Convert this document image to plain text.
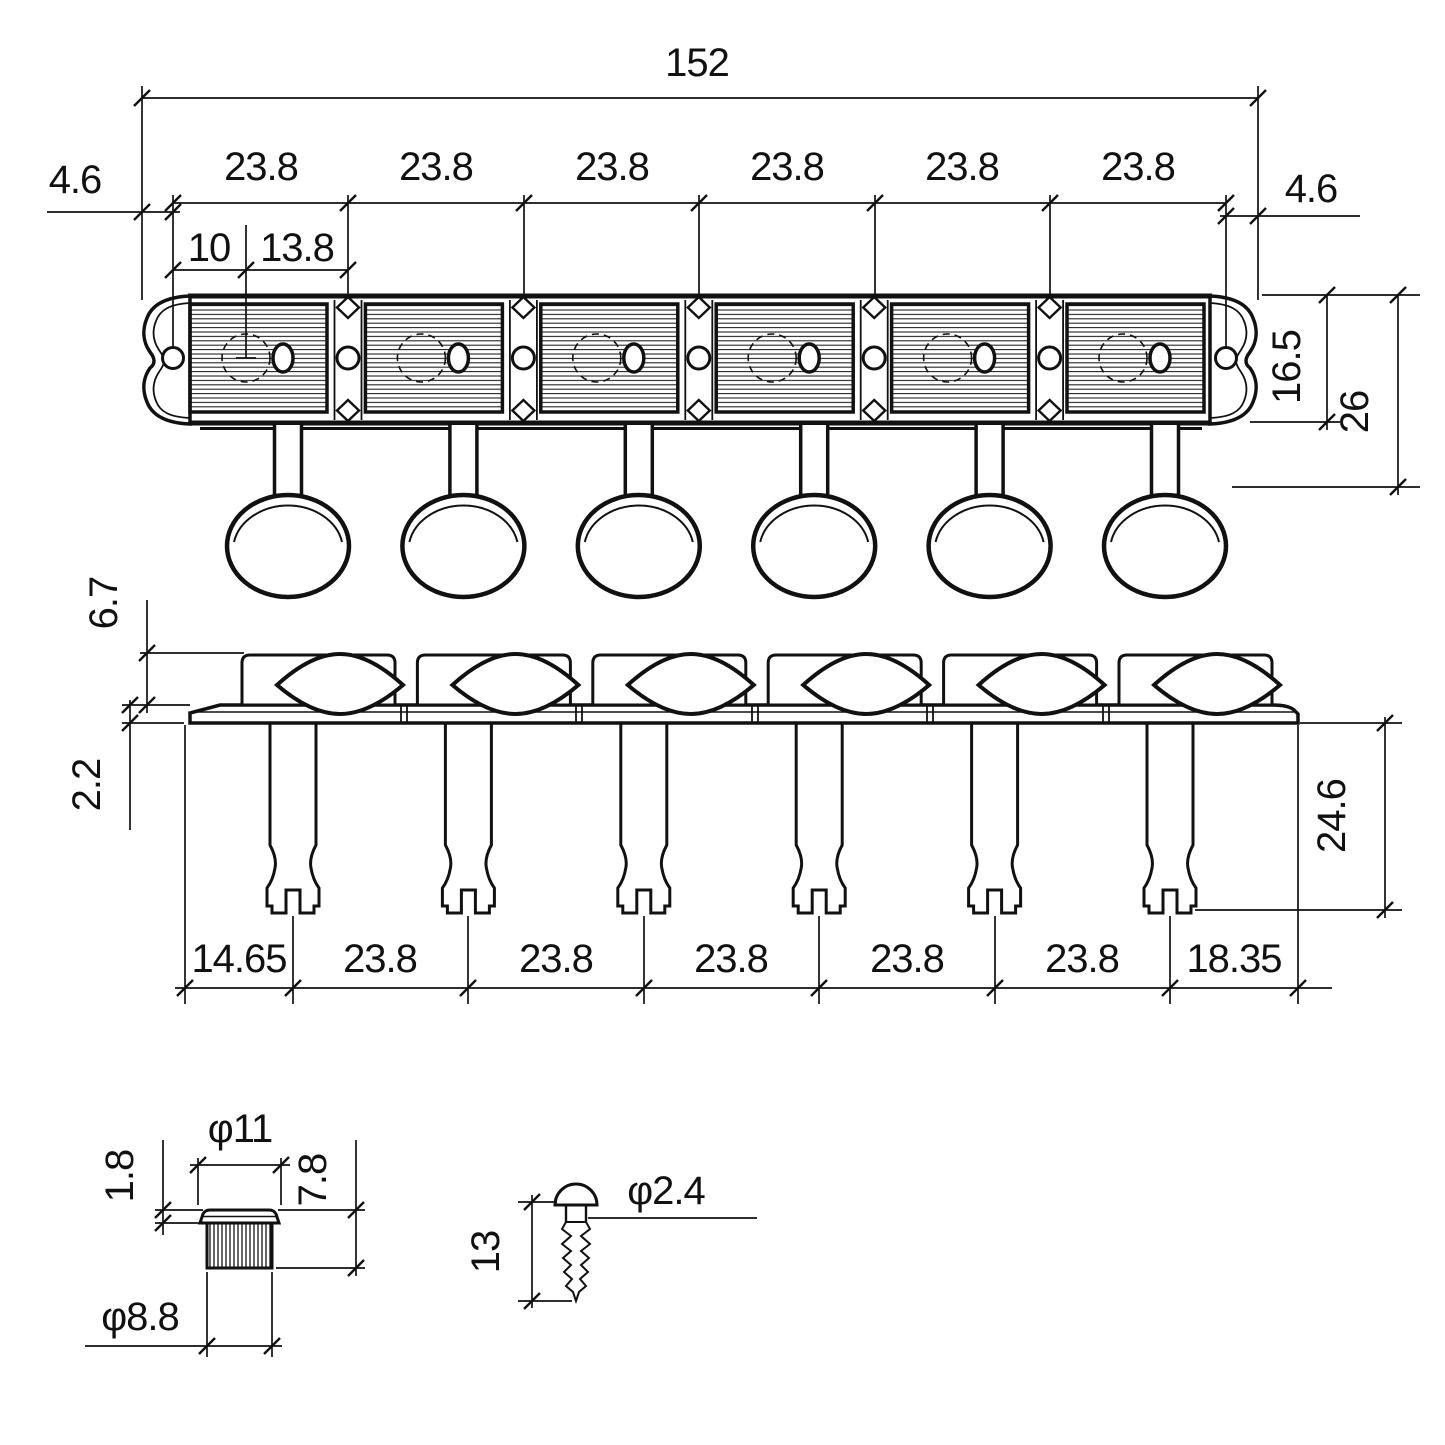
152
23.8	23.8	23.8	23.8	23.8	23.8
4.6	4.6
10 13.8
16.5
26
6.7
2.2	24.6
14.65 23.8	23.8	23.8	23.8	23.8 18.35
φ11
1.8	7.8
φ8.8
φ2.4
13
